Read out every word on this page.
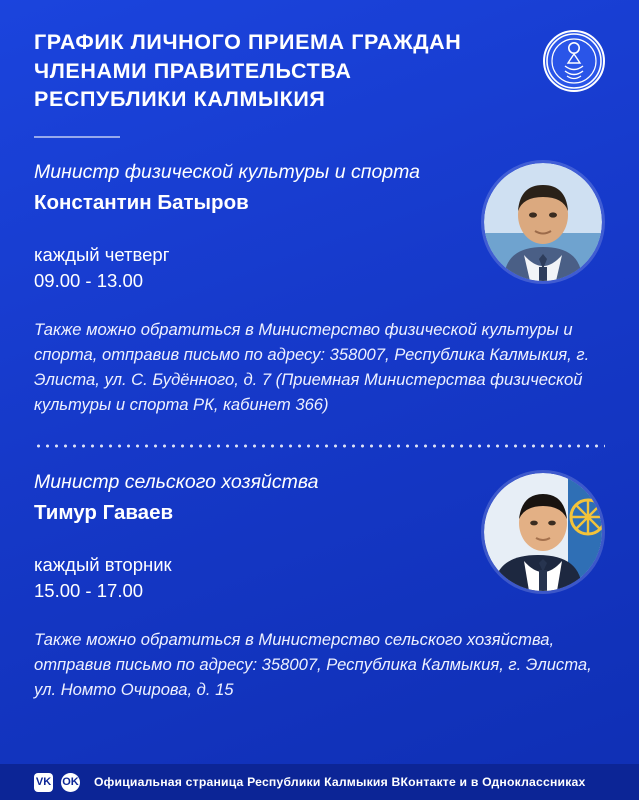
ГРАФИК ЛИЧНОГО ПРИЕМА ГРАЖДАН
ЧЛЕНАМИ ПРАВИТЕЛЬСТВА
РЕСПУБЛИКИ КАЛМЫКИЯ
Министр физической культуры и спорта
Константин Батыров
каждый четверг
09.00 - 13.00
Также можно обратиться в Министерство физической культуры и спорта, отправив письмо по адресу: 358007, Республика Калмыкия, г. Элиста, ул. С. Будённого, д. 7 (Приемная Министерства физической культуры и спорта РК, кабинет 366)
Министр сельского хозяйства
Тимур Гаваев
каждый вторник
15.00 - 17.00
Также можно обратиться в Министерство сельского хозяйства, отправив письмо по адресу: 358007, Республика Калмыкия, г. Элиста, ул. Номто Очирова, д. 15
VK OK Официальная страница Республики Калмыкия ВКонтакте и в Одноклассниках
